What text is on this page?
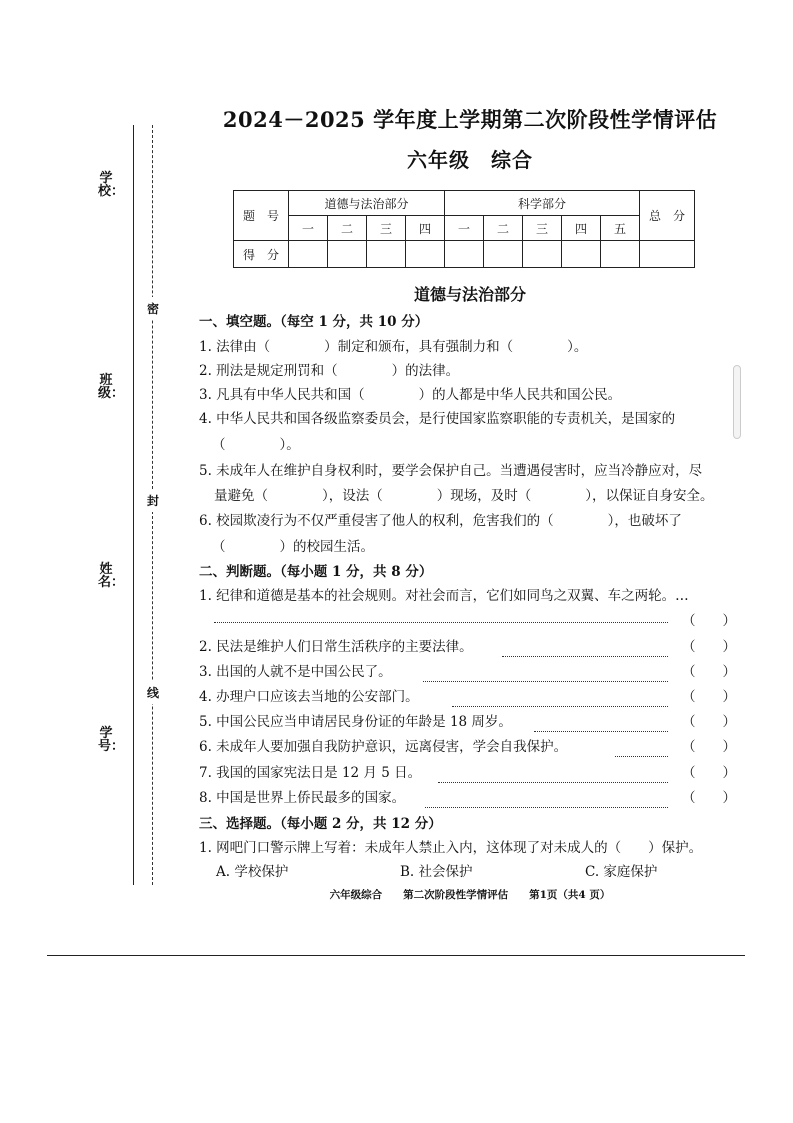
学校：
班级：
姓名：
学号：
密
封
线
2024－2025 学年度上学期第二次阶段性学情评估
六年级　综合
题　号	道德与法治部分				科学部分					总　分
	一	二	三	四	一	二	三	四	五	
得　分										
道德与法治部分
一、填空题。（每空 1 分，共 10 分）
1. 法律由（　　　　）制定和颁布，具有强制力和（　　　　）。
2. 刑法是规定刑罚和（　　　　）的法律。
3. 凡具有中华人民共和国（　　　　）的人都是中华人民共和国公民。
4. 中华人民共和国各级监察委员会，是行使国家监察职能的专责机关，是国家的
（　　　　）。
5. 未成年人在维护自身权利时，要学会保护自己。当遭遇侵害时，应当冷静应对，尽
量避免（　　　　），设法（　　　　）现场，及时（　　　　），以保证自身安全。
6. 校园欺凌行为不仅严重侵害了他人的权利，危害我们的（　　　　），也破坏了
（　　　　）的校园生活。
二、判断题。（每小题 1 分，共 8 分）
1. 纪律和道德是基本的社会规则。对社会而言，它们如同鸟之双翼、车之两轮。…
（　　）
2. 民法是维护人们日常生活秩序的主要法律。	（　　）
3. 出国的人就不是中国公民了。	（　　）
4. 办理户口应该去当地的公安部门。	（　　）
5. 中国公民应当申请居民身份证的年龄是 18 周岁。	（　　）
6. 未成年人要加强自我防护意识，远离侵害，学会自我保护。	（　　）
7. 我国的国家宪法日是 12 月 5 日。	（　　）
8. 中国是世界上侨民最多的国家。	（　　）
三、选择题。（每小题 2 分，共 12 分）
1. 网吧门口警示牌上写着：未成年人禁止入内，这体现了对未成人的（　　）保护。
A. 学校保护	B. 社会保护	C. 家庭保护
六年级综合　　第二次阶段性学情评估　　第1页（共4 页）
